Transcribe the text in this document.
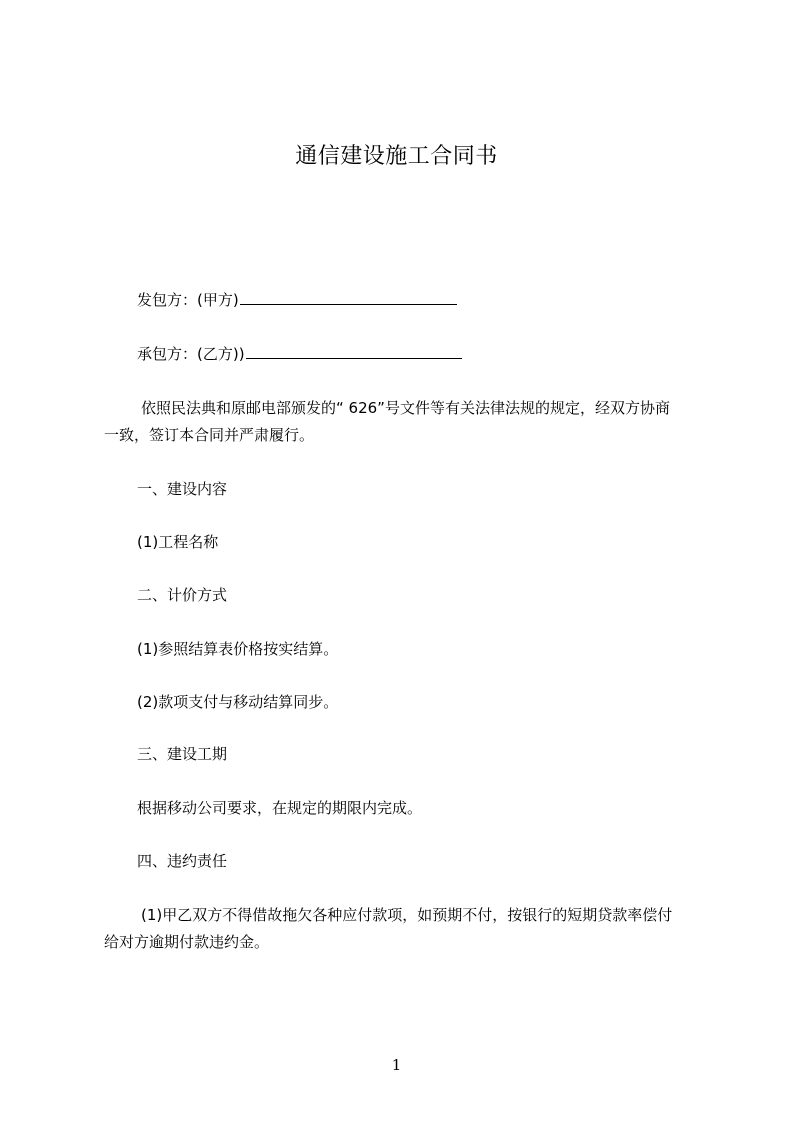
通信建设施工合同书
发包方：(甲方)
承包方：(乙方))
依照民法典和原邮电部颁发的“ 626”号文件等有关法律法规的规定，经双方协商
一致，签订本合同并严肃履行。
一、建设内容
(1)工程名称
二、计价方式
(1)参照结算表价格按实结算。
(2)款项支付与移动结算同步。
三、建设工期
根据移动公司要求，在规定的期限内完成。
四、违约责任
(1)甲乙双方不得借故拖欠各种应付款项，如预期不付，按银行的短期贷款率偿付
给对方逾期付款违约金。
1
